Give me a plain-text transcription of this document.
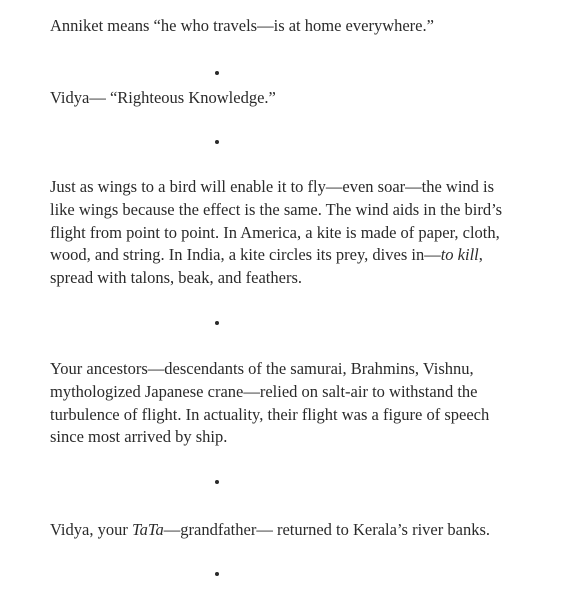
Anniket means “he who travels—is at home everywhere.”

Vidya— “Righteous Knowledge.”

Just as wings to a bird will enable it to fly—even soar—the wind is
like wings because the effect is the same. The wind aids in the bird’s
flight from point to point. In America, a kite is made of paper, cloth,
wood, and string. In India, a kite circles its prey, dives in—to kill,
spread with talons, beak, and feathers.

Your ancestors—descendants of the samurai, Brahmins, Vishnu,
mythologized Japanese crane—relied on salt-air to withstand the
turbulence of flight. In actuality, their flight was a figure of speech
since most arrived by ship.

Vidya, your TaTa—grandfather— returned to Kerala’s river banks.
